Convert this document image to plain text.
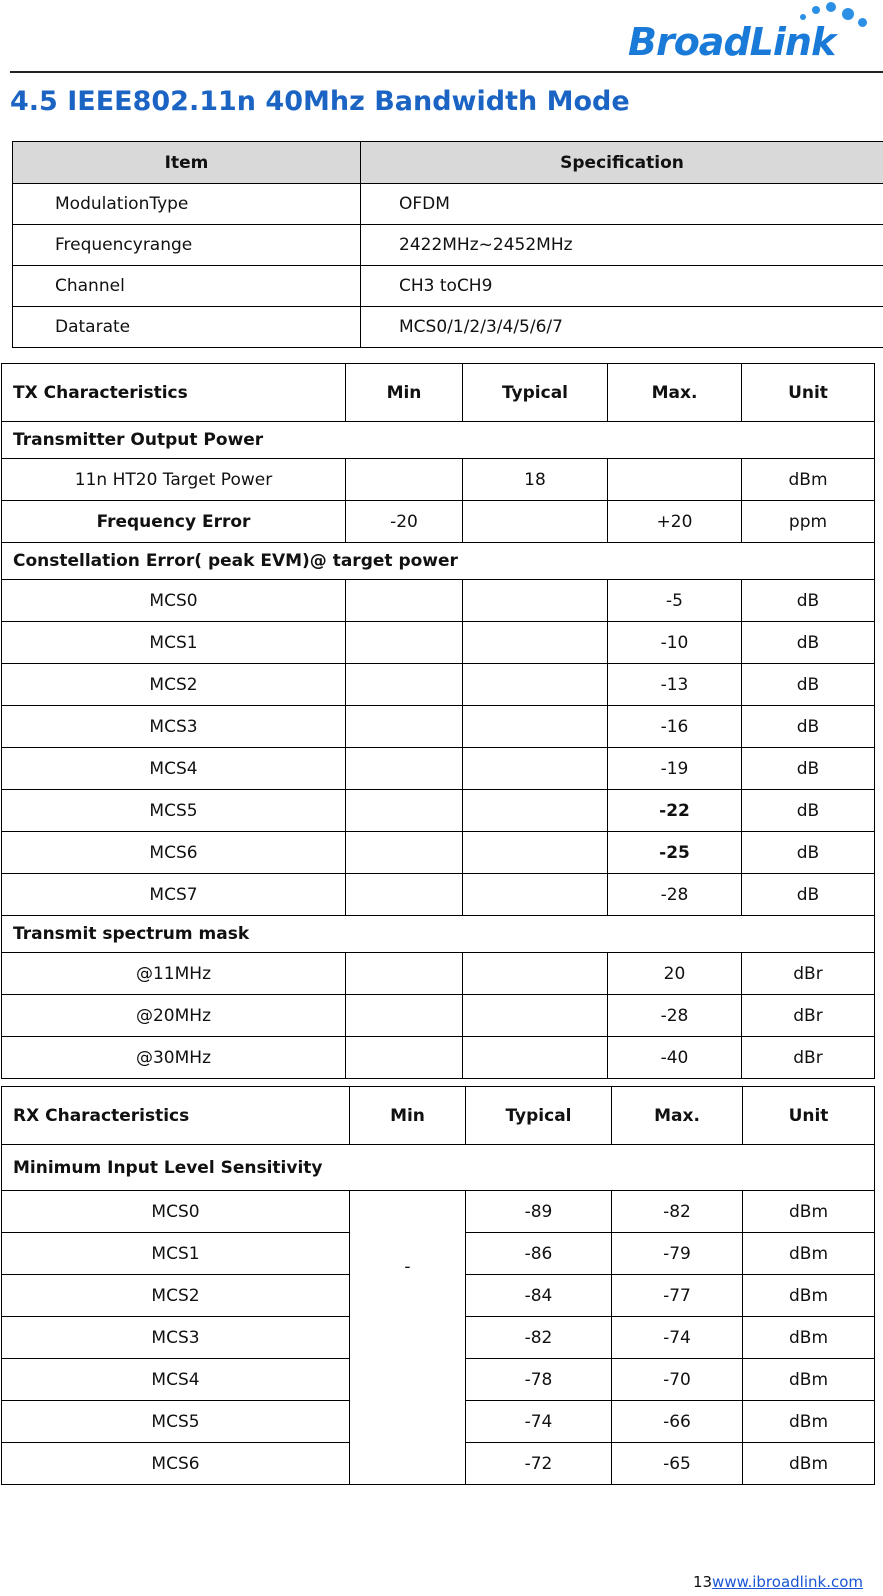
BroadLink
4.5 IEEE802.11n 40Mhz Bandwidth Mode
Item	Specification
ModulationType	OFDM
Frequencyrange	2422MHz~2452MHz
Channel	CH3 toCH9
Datarate	MCS0/1/2/3/4/5/6/7
TX Characteristics	Min	Typical	Max.	Unit
Transmitter Output Power				
11n HT20 Target Power		18		dBm
Frequency Error	-20		+20	ppm
Constellation Error( peak EVM)@ target power				
MCS0			-5	dB
MCS1			-10	dB
MCS2			-13	dB
MCS3			-16	dB
MCS4			-19	dB
MCS5			-22	dB
MCS6			-25	dB
MCS7			-28	dB
Transmit spectrum mask				
@11MHz			20	dBr
@20MHz			-28	dBr
@30MHz			-40	dBr
RX Characteristics	Min	Typical	Max.	Unit
Minimum Input Level Sensitivity				
MCS0	-	-89	-82	dBm
MCS1		-86	-79	dBm
MCS2		-84	-77	dBm
MCS3		-82	-74	dBm
MCS4		-78	-70	dBm
MCS5		-74	-66	dBm
MCS6		-72	-65	dBm
13www.ibroadlink.com
